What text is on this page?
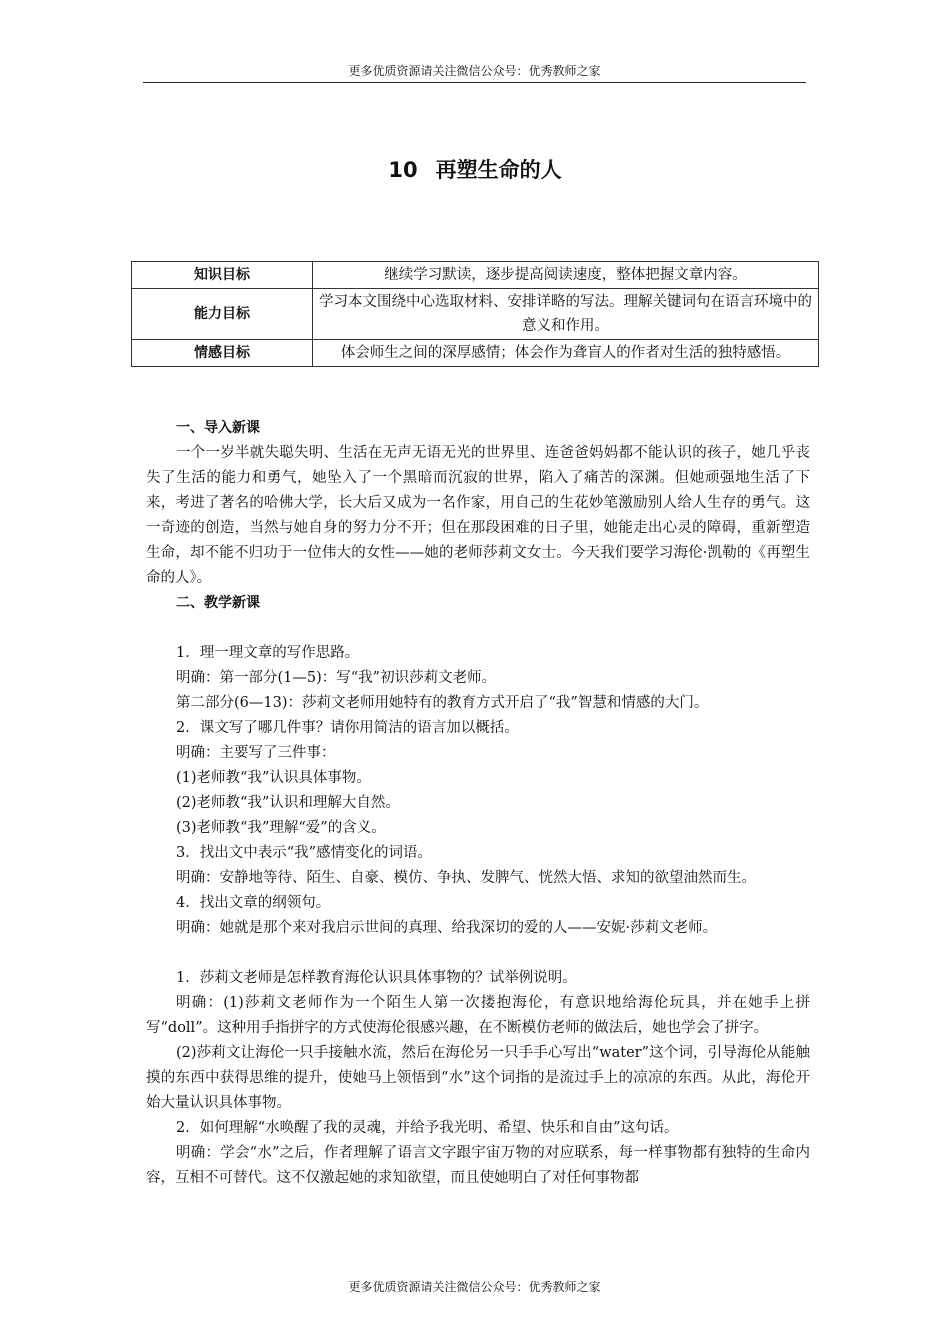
更多优质资源请关注微信公众号：优秀教师之家
10 再塑生命的人
知识目标	继续学习默读，逐步提高阅读速度，整体把握文章内容。
能力目标	学习本文围绕中心选取材料、安排详略的写法。理解关键词句在语言环境中的意义和作用。
情感目标	体会师生之间的深厚感情；体会作为聋盲人的作者对生活的独特感悟。

一、导入新课

一个一岁半就失聪失明、生活在无声无语无光的世界里、连爸爸妈妈都不能认识的孩子，她几乎丧失了生活的能力和勇气，她坠入了一个黑暗而沉寂的世界，陷入了痛苦的深渊。但她顽强地生活了下来，考进了著名的哈佛大学，长大后又成为一名作家，用自己的生花妙笔激励别人给人生存的勇气。这一奇迹的创造，当然与她自身的努力分不开；但在那段困难的日子里，她能走出心灵的障碍，重新塑造生命，却不能不归功于一位伟大的女性——她的老师莎莉文女士。今天我们要学习海伦·凯勒的《再塑生命的人》。

二、教学新课

1．理一理文章的写作思路。

明确：第一部分(1—5)：写“我”初识莎莉文老师。

第二部分(6—13)：莎莉文老师用她特有的教育方式开启了“我”智慧和情感的大门。

2．课文写了哪几件事？请你用简洁的语言加以概括。

明确：主要写了三件事：

(1)老师教“我”认识具体事物。

(2)老师教“我”认识和理解大自然。

(3)老师教“我”理解“爱”的含义。

3．找出文中表示“我”感情变化的词语。

明确：安静地等待、陌生、自豪、模仿、争执、发脾气、恍然大悟、求知的欲望油然而生。

4．找出文章的纲领句。

明确：她就是那个来对我启示世间的真理、给我深切的爱的人——安妮·莎莉文老师。

1．莎莉文老师是怎样教育海伦认识具体事物的？试举例说明。

明确：(1)莎莉文老师作为一个陌生人第一次搂抱海伦，有意识地给海伦玩具，并在她手上拼写“doll”。这种用手指拼字的方式使海伦很感兴趣，在不断模仿老师的做法后，她也学会了拼字。

(2)莎莉文让海伦一只手接触水流，然后在海伦另一只手手心写出“water”这个词，引导海伦从能触摸的东西中获得思维的提升，使她马上领悟到“水”这个词指的是流过手上的凉凉的东西。从此，海伦开始大量认识具体事物。

2．如何理解“水唤醒了我的灵魂，并给予我光明、希望、快乐和自由”这句话。

明确：学会“水”之后，作者理解了语言文字跟宇宙万物的对应联系，每一样事物都有独特的生命内容，互相不可替代。这不仅激起她的求知欲望，而且使她明白了对任何事物都

更多优质资源请关注微信公众号：优秀教师之家
